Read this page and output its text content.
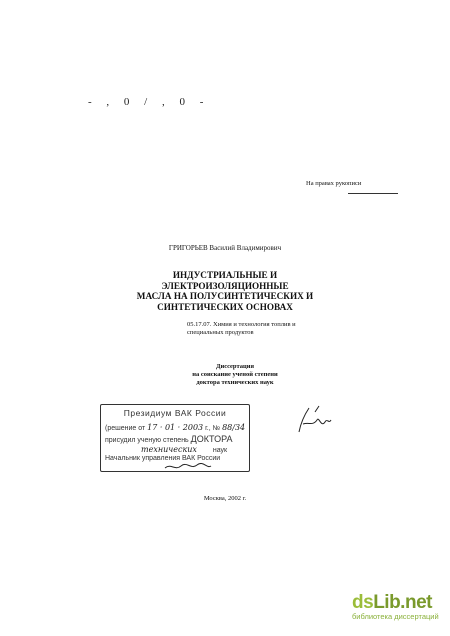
- , 0 / , 0 -
На правах рукописи
ГРИГОРЬЕВ Василий Владимирович
ИНДУСТРИАЛЬНЫЕ И ЭЛЕКТРОИЗОЛЯЦИОННЫЕ
МАСЛА НА ПОЛУСИНТЕТИЧЕСКИХ И
СИНТЕТИЧЕСКИХ ОСНОВАХ
05.17.07. Химия и технология топлив и
специальных продуктов
Диссертация
на соискание ученой степени
доктора технических наук
Президиум ВАК России
(решение от 17 · 01 · 2003 г., № 88/34
присудил ученую степень ДОКТОРА
технических наук
Начальник управления ВАК России
Москва, 2002 г.
dsLib.net
библиотека диссертаций
